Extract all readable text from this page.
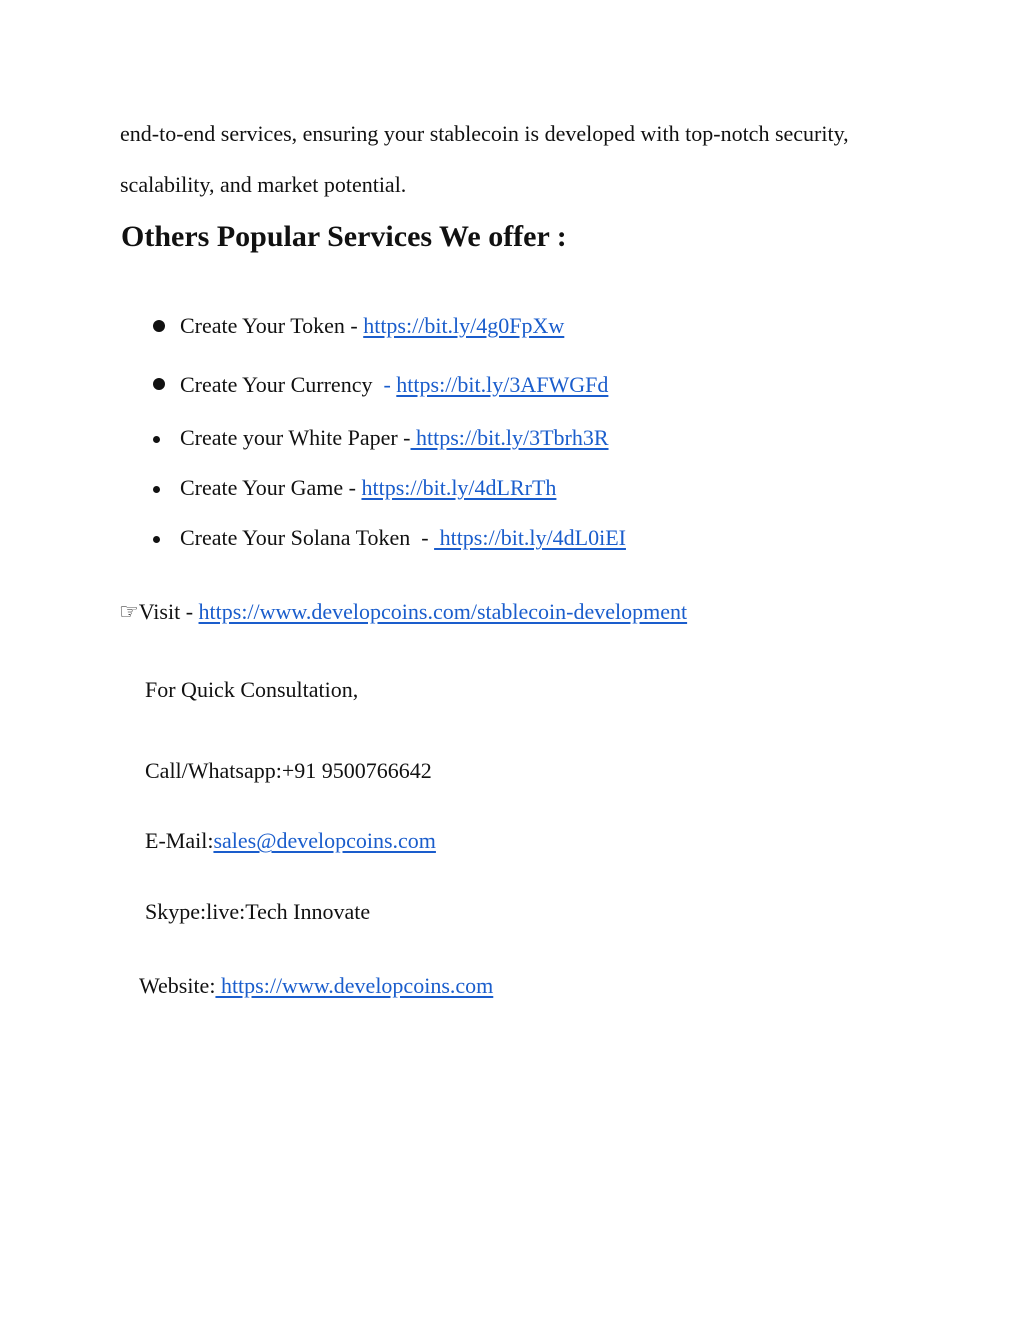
end-to-end services, ensuring your stablecoin is developed with top-notch security,
scalability, and market potential.
Others Popular Services We offer :
Create Your Token - https://bit.ly/4g0FpXw
Create Your Currency  - https://bit.ly/3AFWGFd
Create your White Paper - https://bit.ly/3Tbrh3R
Create Your Game - https://bit.ly/4dLRrTh
Create Your Solana Token  -  https://bit.ly/4dL0iEI
☞Visit - https://www.developcoins.com/stablecoin-development
For Quick Consultation,
Call/Whatsapp:+91 9500766642
E-Mail:sales@developcoins.com
Skype:live:Tech Innovate
Website: https://www.developcoins.com
